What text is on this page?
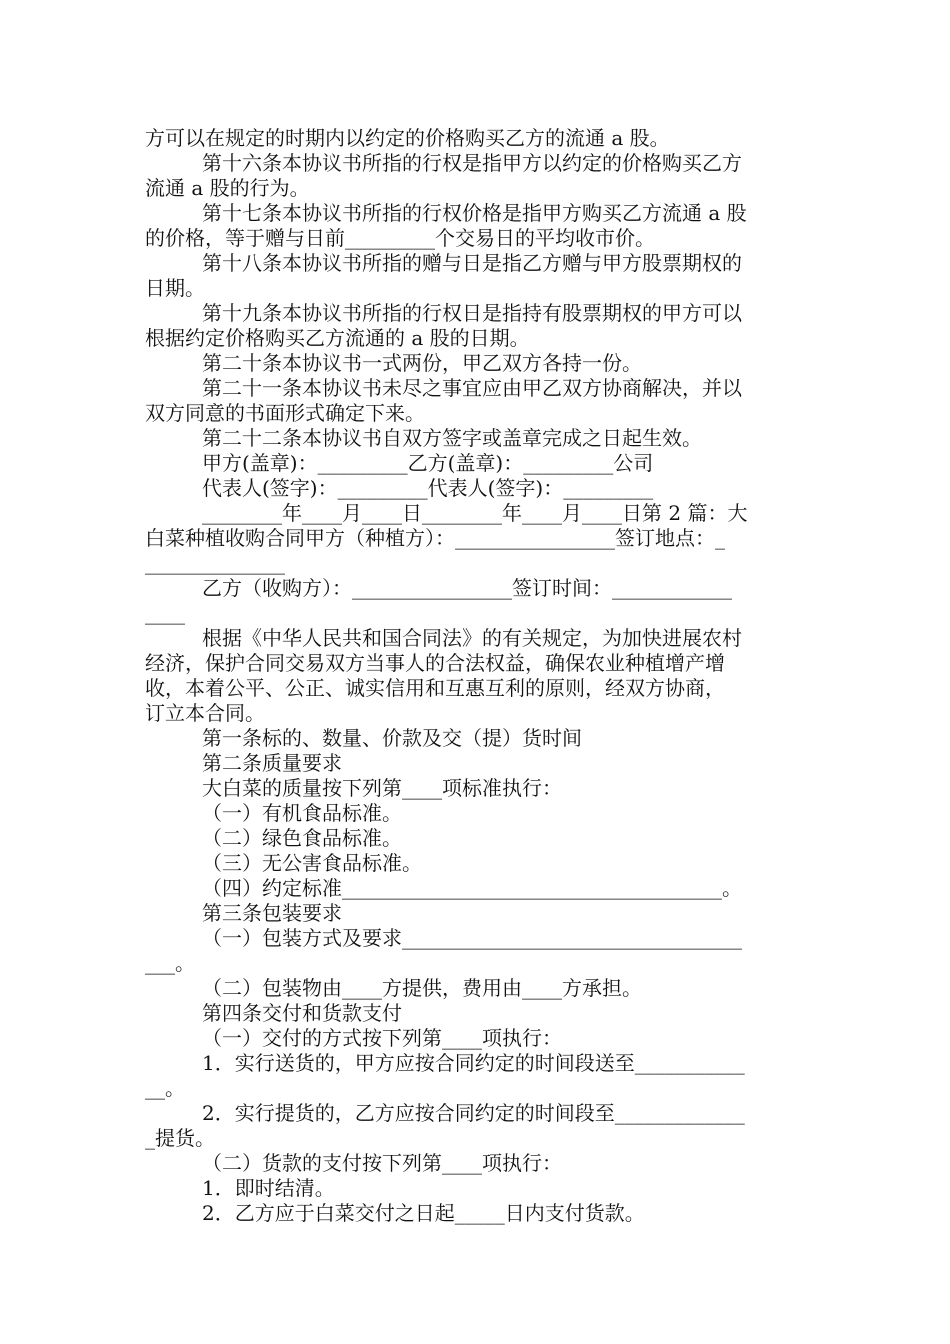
方可以在规定的时期内以约定的价格购买乙方的流通 a 股。
第十六条本协议书所指的行权是指甲方以约定的价格购买乙方
流通 a 股的行为。
第十七条本协议书所指的行权价格是指甲方购买乙方流通 a 股
的价格，等于赠与日前_________个交易日的平均收市价。
第十八条本协议书所指的赠与日是指乙方赠与甲方股票期权的
日期。
第十九条本协议书所指的行权日是指持有股票期权的甲方可以
根据约定价格购买乙方流通的 a 股的日期。
第二十条本协议书一式两份，甲乙双方各持一份。
第二十一条本协议书未尽之事宜应由甲乙双方协商解决，并以
双方同意的书面形式确定下来。
第二十二条本协议书自双方签字或盖章完成之日起生效。
甲方(盖章)：_________乙方(盖章)：_________公司
代表人(签字)：_________代表人(签字)：_________
________年____月____日________年____月____日第 2 篇：大
白菜种植收购合同甲方（种植方）：________________签订地点：_
______________
乙方（收购方）：________________签订时间：____________
____
根据《中华人民共和国合同法》的有关规定，为加快进展农村
经济，保护合同交易双方当事人的合法权益，确保农业种植增产增
收，本着公平、公正、诚实信用和互惠互利的原则，经双方协商，
订立本合同。
第一条标的、数量、价款及交（提）货时间
第二条质量要求
大白菜的质量按下列第____项标准执行：
（一）有机食品标准。
（二）绿色食品标准。
（三）无公害食品标准。
（四）约定标准______________________________________。
第三条包装要求
（一）包装方式及要求__________________________________
___。
（二）包装物由____方提供，费用由____方承担。
第四条交付和货款支付
（一）交付的方式按下列第____项执行：
1．实行送货的，甲方应按合同约定的时间段送至___________
__。
2．实行提货的，乙方应按合同约定的时间段至_____________
_提货。
（二）货款的支付按下列第____项执行：
1．即时结清。
2．乙方应于白菜交付之日起_____日内支付货款。
